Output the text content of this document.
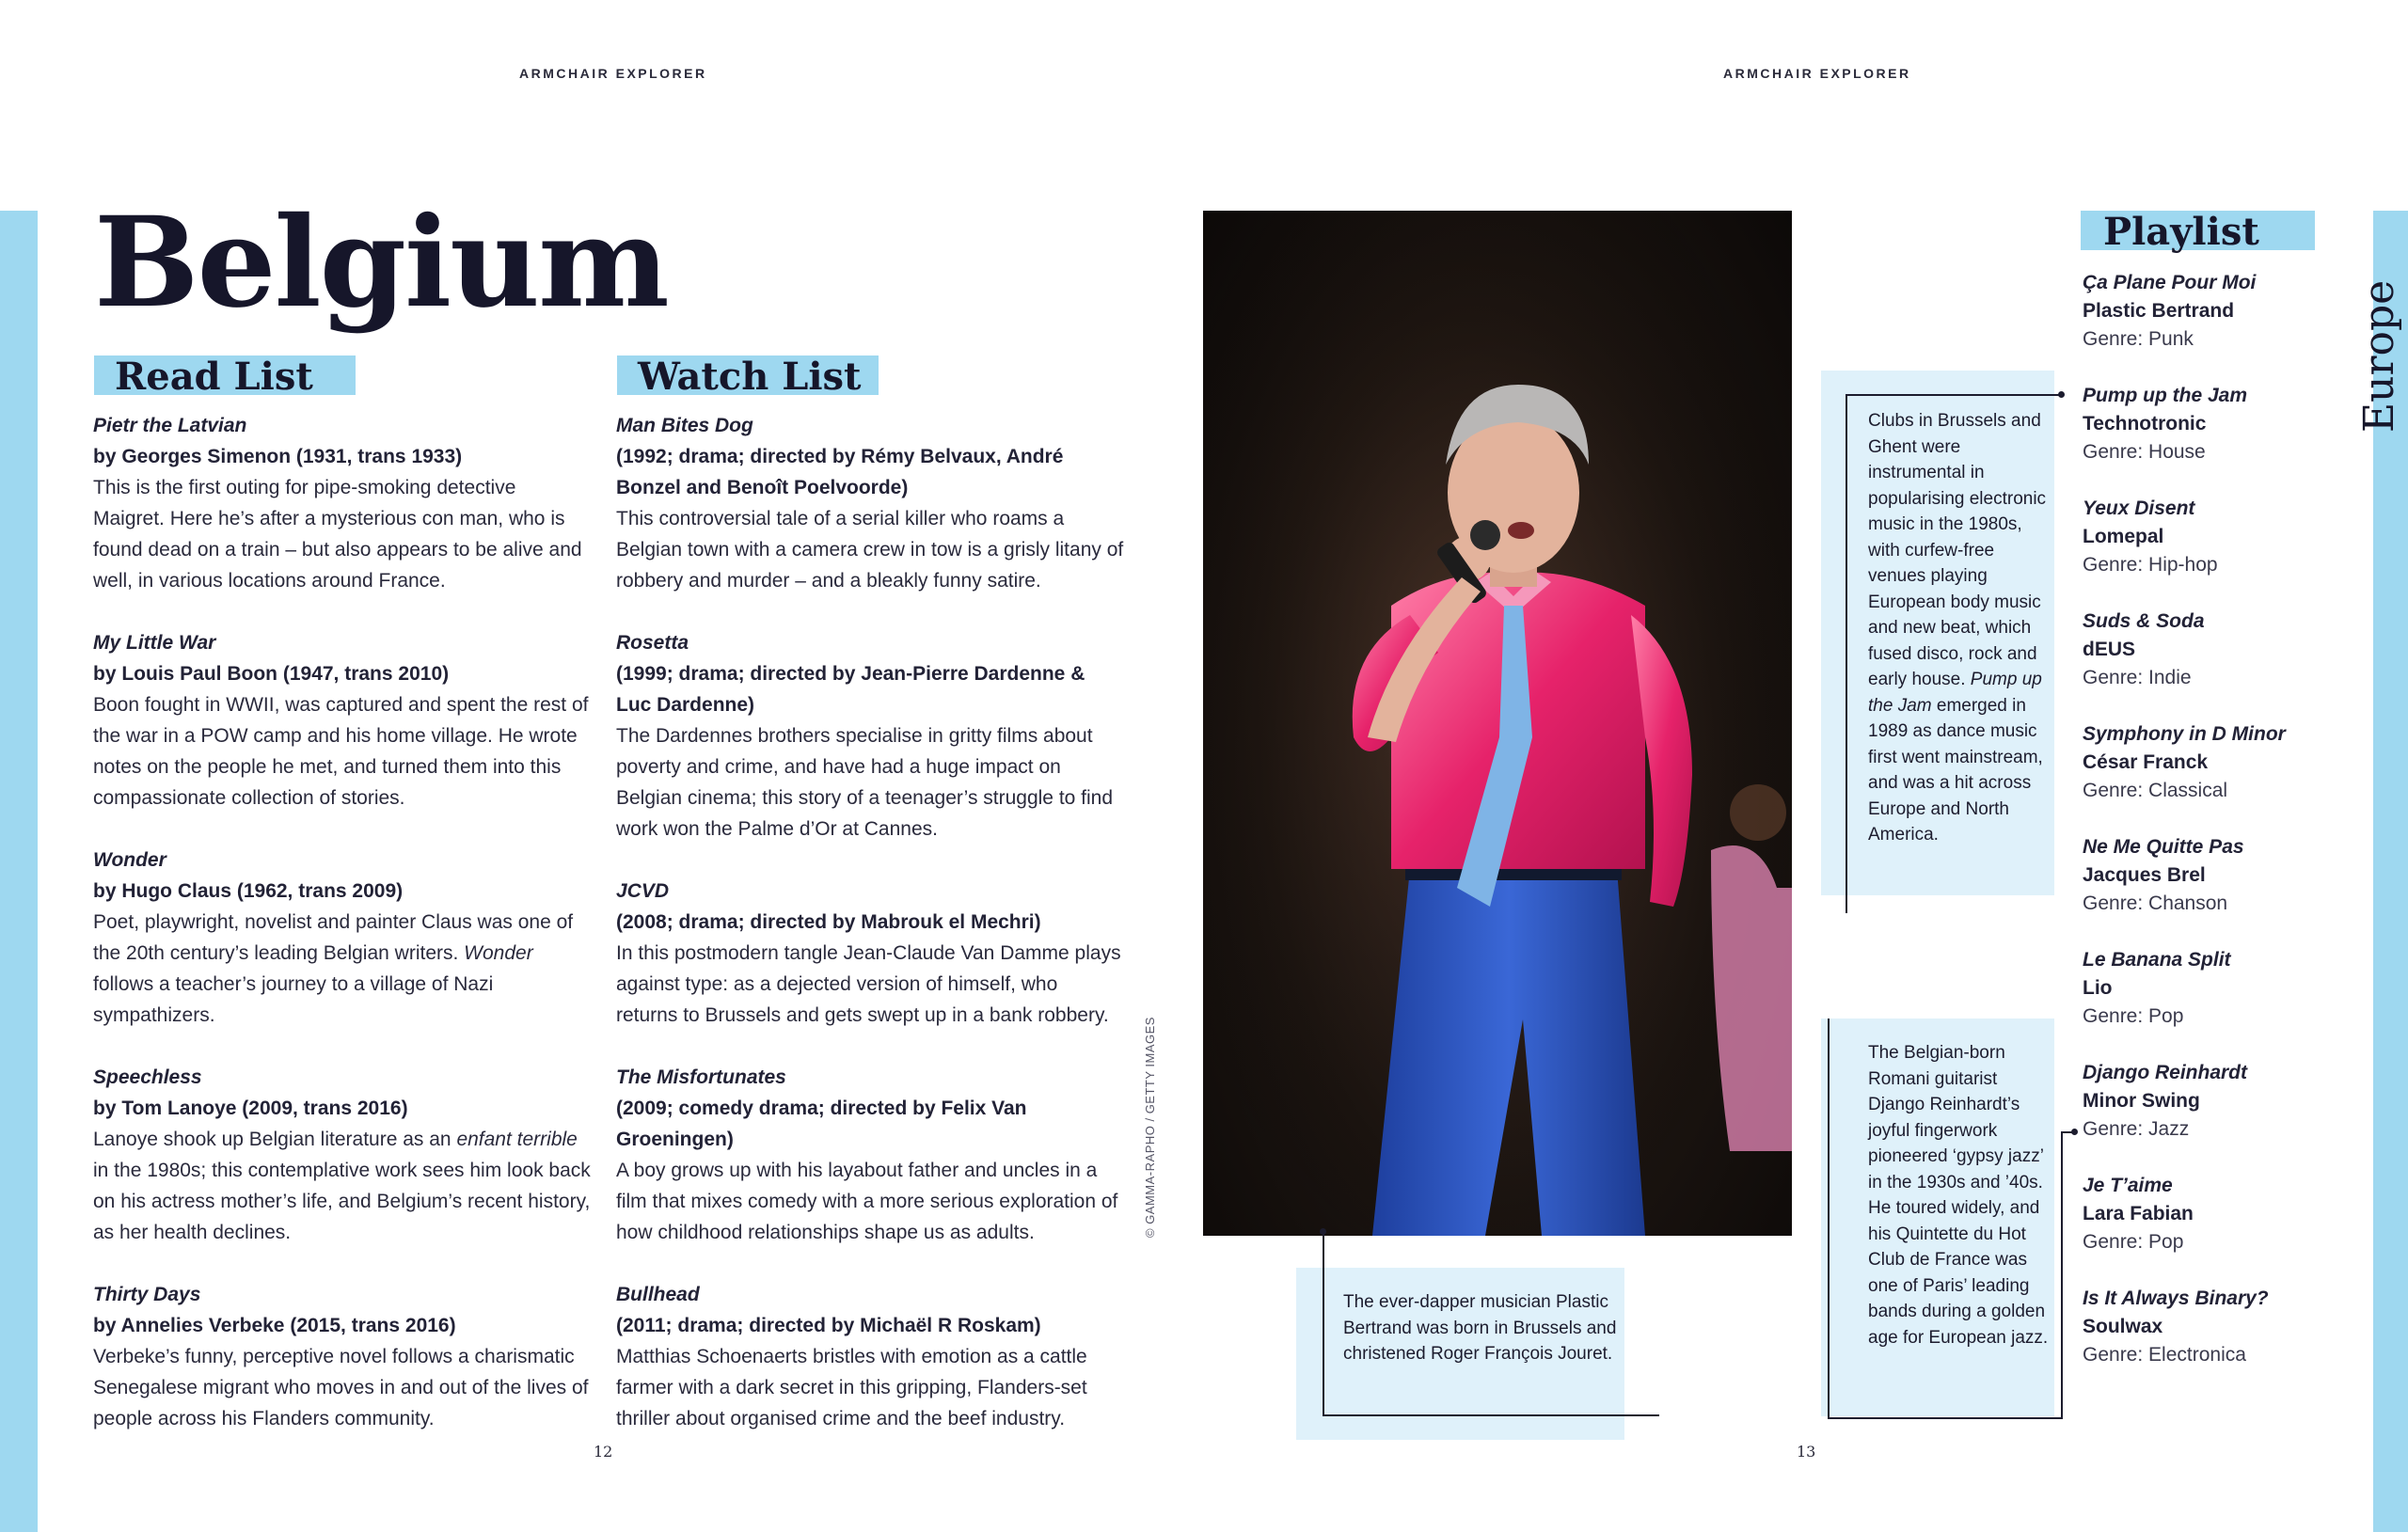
ARMCHAIR EXPLORER	ARMCHAIR EXPLORER
Belgium
Read List
Pietr the Latvian
by Georges Simenon (1931, trans 1933)
This is the first outing for pipe-smoking detective Maigret. Here he’s after a mysterious con man, who is found dead on a train – but also appears to be alive and well, in various locations around France.
My Little War
by Louis Paul Boon (1947, trans 2010)
Boon fought in WWII, was captured and spent the rest of the war in a POW camp and his home village. He wrote notes on the people he met, and turned them into this compassionate collection of stories.
Wonder
by Hugo Claus (1962, trans 2009)
Poet, playwright, novelist and painter Claus was one of the 20th century’s leading Belgian writers. Wonder follows a teacher’s journey to a village of Nazi sympathizers.
Speechless
by Tom Lanoye (2009, trans 2016)
Lanoye shook up Belgian literature as an enfant terrible in the 1980s; this contemplative work sees him look back on his actress mother’s life, and Belgium’s recent history, as her health declines.
Thirty Days
by Annelies Verbeke (2015, trans 2016)
Verbeke’s funny, perceptive novel follows a charismatic Senegalese migrant who moves in and out of the lives of people across his Flanders community.
Watch List
Man Bites Dog
(1992; drama; directed by Rémy Belvaux, André Bonzel and Benoît Poelvoorde)
This controversial tale of a serial killer who roams a Belgian town with a camera crew in tow is a grisly litany of robbery and murder – and a bleakly funny satire.
Rosetta
(1999; drama; directed by Jean-Pierre Dardenne & Luc Dardenne)
The Dardennes brothers specialise in gritty films about poverty and crime, and have had a huge impact on Belgian cinema; this story of a teenager’s struggle to find work won the Palme d’Or at Cannes.
JCVD
(2008; drama; directed by Mabrouk el Mechri)
In this postmodern tangle Jean-Claude Van Damme plays against type: as a dejected version of himself, who returns to Brussels and gets swept up in a bank robbery.
The Misfortunates
(2009; comedy drama; directed by Felix Van Groeningen)
A boy grows up with his layabout father and uncles in a film that mixes comedy with a more serious exploration of how childhood relationships shape us as adults.
Bullhead
(2011; drama; directed by Michaël R Roskam)
Matthias Schoenaerts bristles with emotion as a cattle farmer with a dark secret in this gripping, Flanders-set thriller about organised crime and the beef industry.
12	13
© GAMMA-RAPHO / GETTY IMAGES
The ever-dapper musician Plastic Bertrand was born in Brussels and christened Roger François Jouret.
Clubs in Brussels and Ghent were instrumental in popularising electronic music in the 1980s, with curfew-free venues playing European body music and new beat, which fused disco, rock and early house. Pump up the Jam emerged in 1989 as dance music first went mainstream, and was a hit across Europe and North America.
The Belgian-born Romani guitarist Django Reinhardt’s joyful fingerwork pioneered ‘gypsy jazz’ in the 1930s and ’40s. He toured widely, and his Quintette du Hot Club de France was one of Paris’ leading bands during a golden age for European jazz.
Playlist
Ça Plane Pour Moi
Plastic Bertrand
Genre: Punk
Pump up the Jam
Technotronic
Genre: House
Yeux Disent
Lomepal
Genre: Hip-hop
Suds & Soda
dEUS
Genre: Indie
Symphony in D Minor
César Franck
Genre: Classical
Ne Me Quitte Pas
Jacques Brel
Genre: Chanson
Le Banana Split
Lio
Genre: Pop
Django Reinhardt
Minor Swing
Genre: Jazz
Je T’aime
Lara Fabian
Genre: Pop
Is It Always Binary?
Soulwax
Genre: Electronica
Europe
